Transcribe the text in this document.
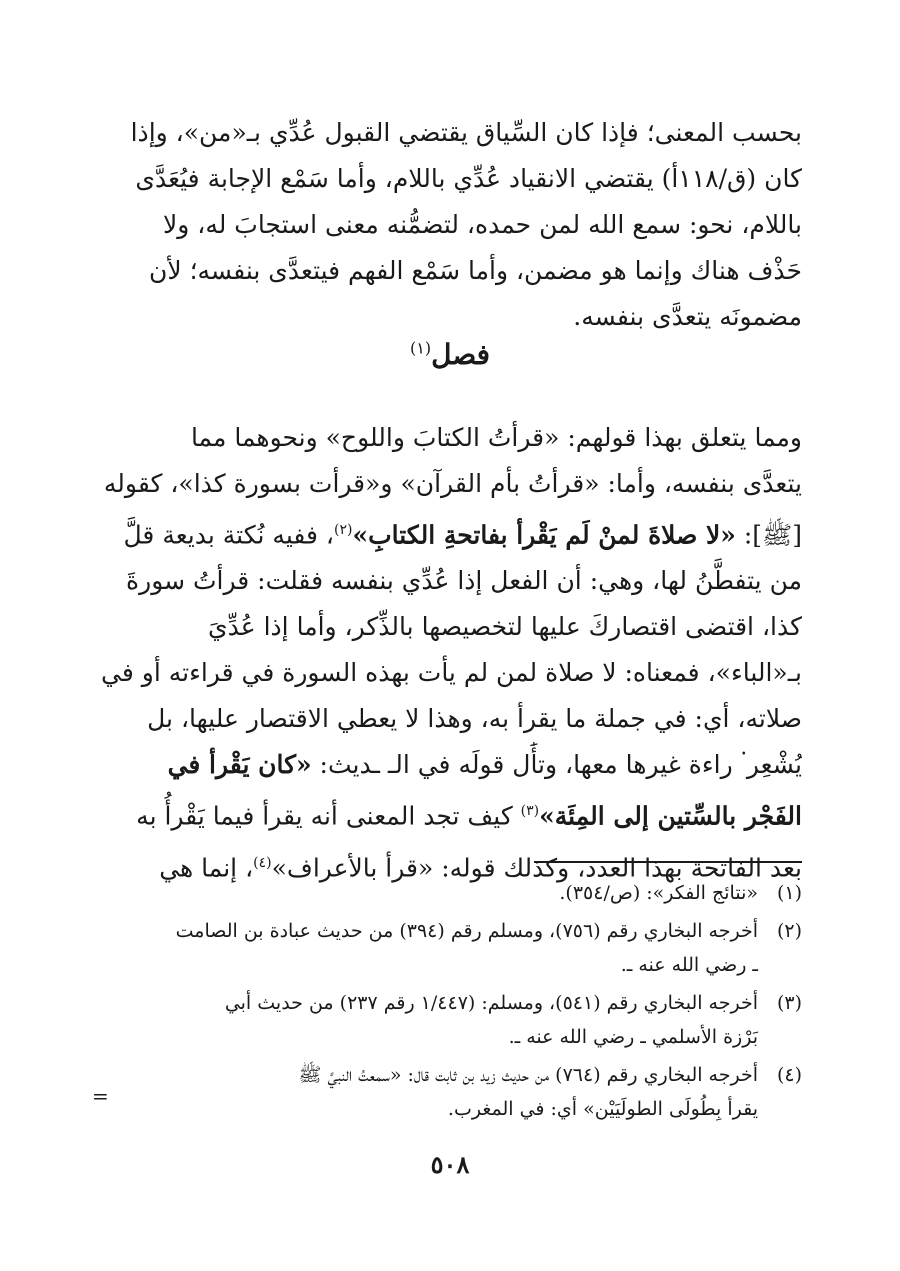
بحسب المعنى؛ فإذا كان السِّياق يقتضي القبول عُدِّي بـ«من»، وإذا
كان (ق/١١٨أ) يقتضي الانقياد عُدِّي باللام، وأما سَمْع الإجابة فيُعَدَّى
باللام، نحو: سمع الله لمن حمده، لتضمُّنه معنى استجابَ له، ولا
حَذْف هناك وإنما هو مضمن، وأما سَمْع الفهم فيتعدَّى بنفسه؛ لأن
مضمونَه يتعدَّى بنفسه.
فصل$^{(١)}$
ومما يتعلق بهذا قولهم: «قرأتُ الكتابَ واللوح» ونحوهما مما
يتعدَّى بنفسه، وأما: «قرأتُ بأم القرآن» و«قرأت بسورة كذا»، كقوله
[ﷺ]: «لا صلاةَ لمنْ لَم يَقْرأ بفاتحةِ الكتابِ»$^{(٢)}$، ففيه نُكتة بديعة قلَّ
من يتفطَّنُ لها، وهي: أن الفعل إذا عُدِّي بنفسه فقلت: قرأتُ سورةَ
كذا، اقتضى اقتصاركَ عليها لتخصيصها بالذِّكر، وأما إذا عُدِّيَ
بـ«الباء»، فمعناه: لا صلاة لمن لم يأت بهذه السورة في قراءته أو في
صلاته، أي: في جملة ما يقرأ به، وهذا لا يعطي الاقتصار عليها، بل
يُشْعِر ۬ را‌ءة غيرها معها، وتأ‌َ‌ٰل قولَه في الـ ـديث: «كان يَقْرأ في
الفَجْر بالسِّتين إلى المِئَة»$^{(٣)}$ كيف تجد المعنى أنه يقرأ فيما يَقْرأُ به
بعد الفاتحة بهذا العدد، وكذلك قوله: «قرأ بالأعراف»$^{(٤)}$، إنما هي
(١)
«نتائج الفكر»: (ص/٣٥٤).
(٢)
أخرجه البخاري رقم (٧٥٦)، ومسلم رقم (٣٩٤) من حديث عبادة بن الصامت
ـ رضي الله عنه ـ.
(٣)
أخرجه البخاري رقم (٥٤١)، ومسلم: (١/٤٤٧ رقم ٢٣٧) من حديث أبي
بَرْزة الأسلمي ـ رضي الله عنه ـ.
(٤)
أخرجه البخاري رقم (٧٦٤) من حديث زيد بن ثابت قال: «سمعتُ النبيَّ ﷺ
يقرأ بِطُولَى الطولَيَيْن» أي: في المغرب.
=
٥٠٨
